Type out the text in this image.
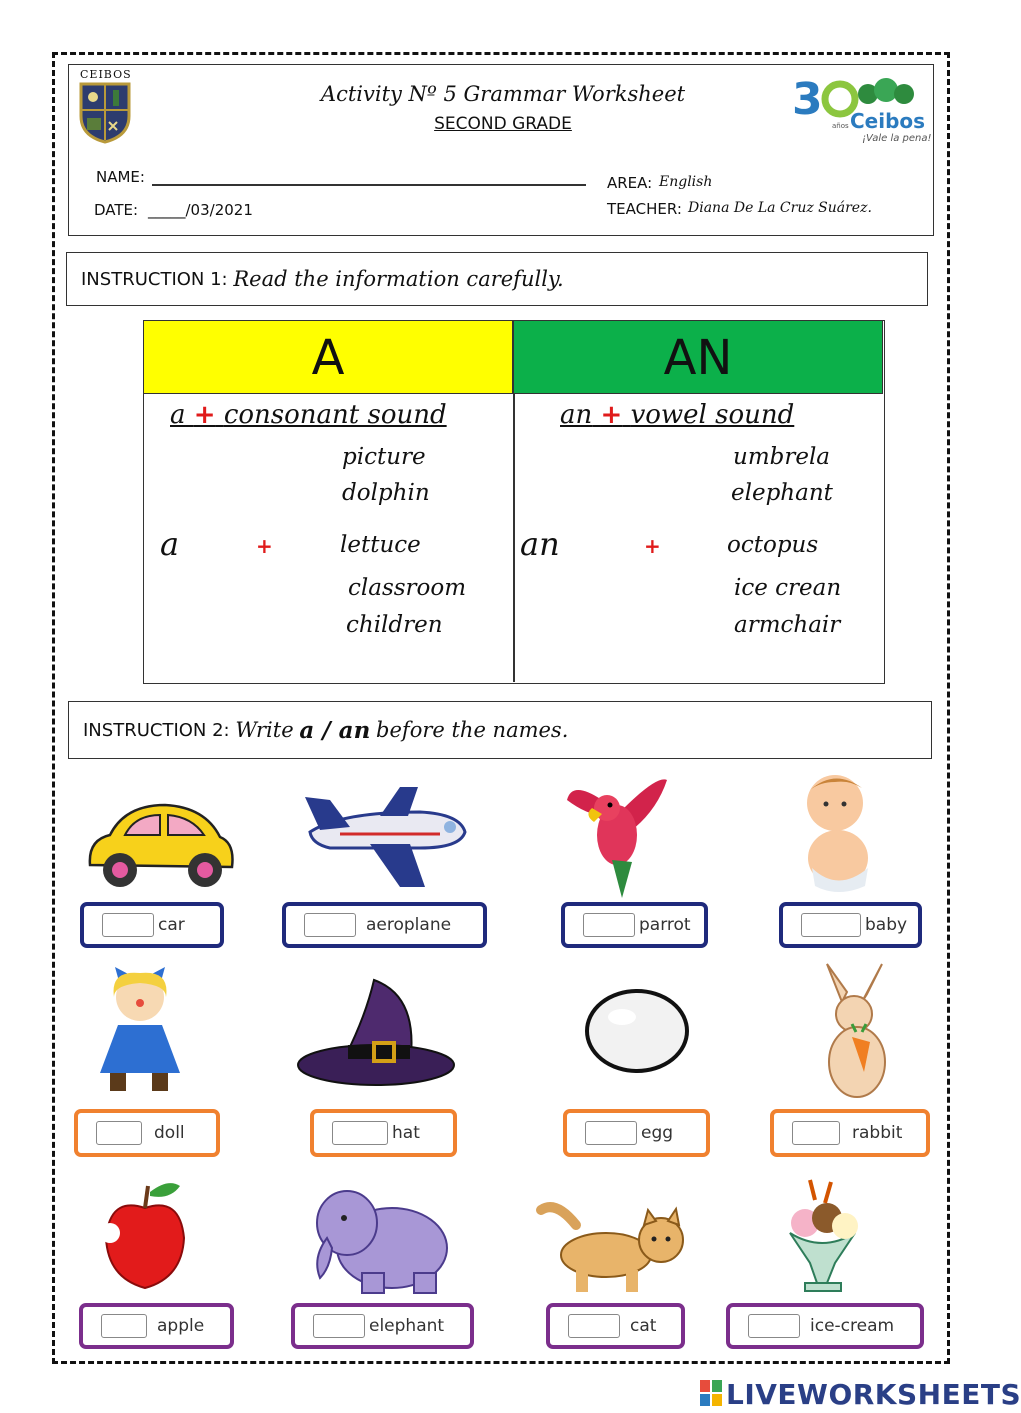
CEIBOS	3 Ceibos
¡Vale la pena!
años
Activity Nº 5 Grammar Worksheet
SECOND GRADE
NAME:
DATE: _____/03/2021
AREA: English
TEACHER: Diana De La Cruz Suárez.
INSTRUCTION 1:
Read the information carefully.
A	AN
a + consonant sound	an + vowel sound
a	+
picture
dolphin
lettuce
classroom
children
an	+
umbrela
elephant
octopus
ice crean
armchair
INSTRUCTION 2:
Write
a / an
before the names.
car	aeroplane	parrot	baby
doll	hat	egg	rabbit
apple	elephant	cat	ice-cream
LIVEWORKSHEETS
